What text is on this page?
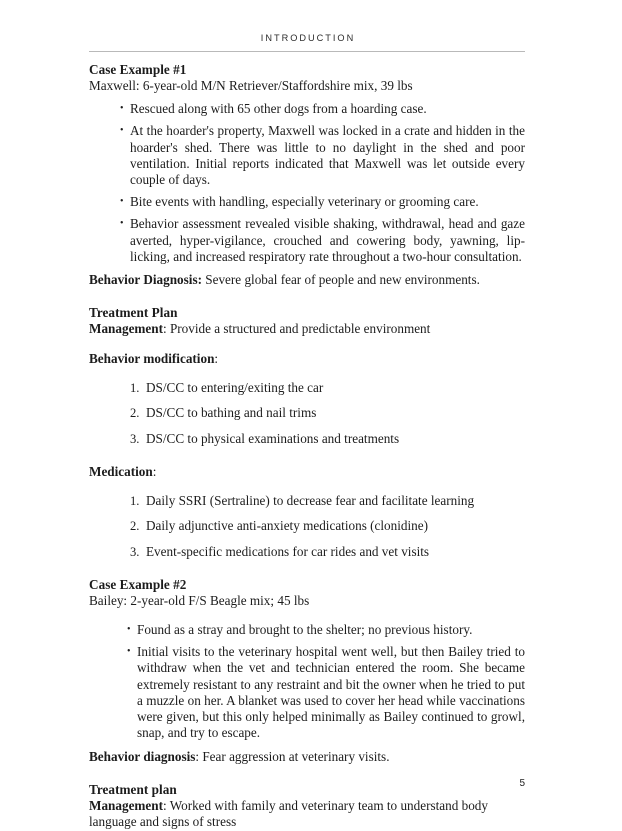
INTRODUCTION

Case Example #1

Maxwell: 6-year-old M/N Retriever/Staffordshire mix, 39 lbs

• Rescued along with 65 other dogs from a hoarding case.
• At the hoarder's property, Maxwell was locked in a crate and hidden in the hoarder's shed. There was little to no daylight in the shed and poor ventilation. Initial reports indicated that Maxwell was let outside every couple of days.
• Bite events with handling, especially veterinary or grooming care.
• Behavior assessment revealed visible shaking, withdrawal, head and gaze averted, hyper-vigilance, crouched and cowering body, yawning, lip-licking, and increased respiratory rate throughout a two-hour consultation.

Behavior Diagnosis: Severe global fear of people and new environments.

Treatment Plan

Management: Provide a structured and predictable environment

Behavior modification:

1. DS/CC to entering/exiting the car
2. DS/CC to bathing and nail trims
3. DS/CC to physical examinations and treatments

Medication:

1. Daily SSRI (Sertraline) to decrease fear and facilitate learning
2. Daily adjunctive anti-anxiety medications (clonidine)
3. Event-specific medications for car rides and vet visits

Case Example #2

Bailey: 2-year-old F/S Beagle mix; 45 lbs

• Found as a stray and brought to the shelter; no previous history.
• Initial visits to the veterinary hospital went well, but then Bailey tried to withdraw when the vet and technician entered the room. She became extremely resistant to any restraint and bit the owner when he tried to put a muzzle on her. A blanket was used to cover her head while vaccinations were given, but this only helped minimally as Bailey continued to growl, snap, and try to escape.

Behavior diagnosis: Fear aggression at veterinary visits.

Treatment plan

Management: Worked with family and veterinary team to understand body language and signs of stress

5
